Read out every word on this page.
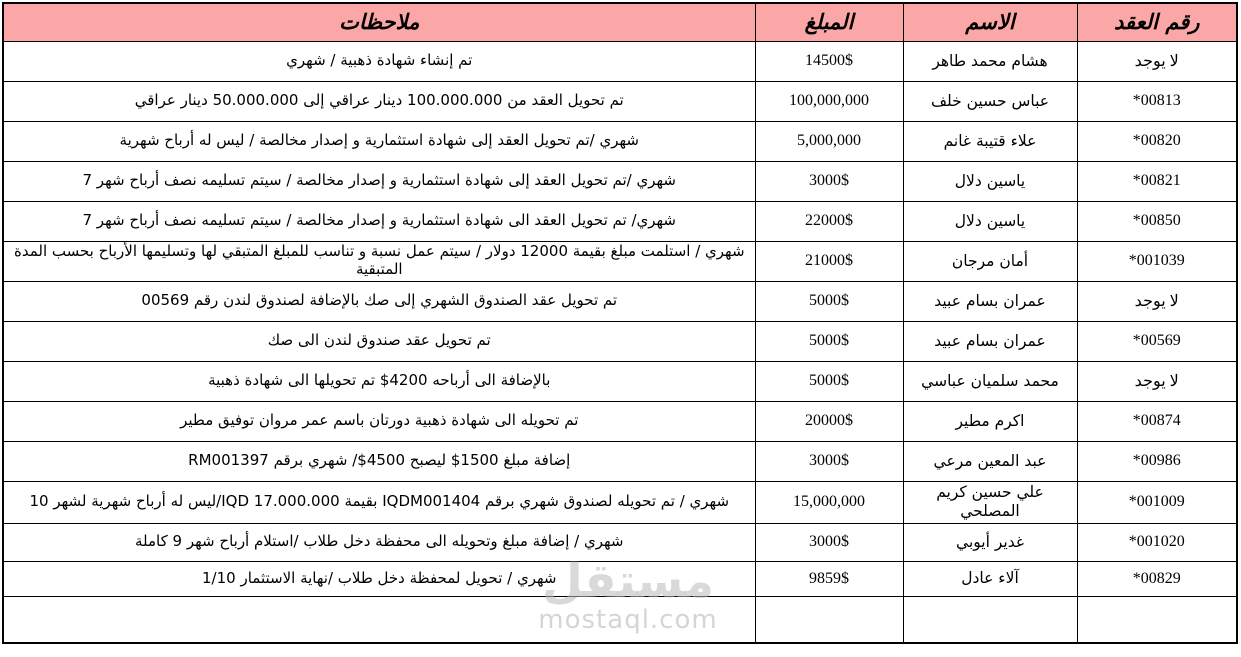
رقم العقد	الاسم	المبلغ	ملاحظات
لا يوجد	هشام محمد طاهر	14500$	تم إنشاء شهادة ذهبية / شهري
00813*	عباس حسين خلف	100,000,000	تم تحويل العقد من 100.000.000 دينار عراقي إلى 50.000.000 دينار عراقي
00820*	علاء قتيبة غانم	5,000,000	شهري /تم تحويل العقد إلى شهادة استثمارية و إصدار مخالصة / ليس له أرباح شهرية
00821*	ياسين دلال	3000$	شهري /تم تحويل العقد إلى شهادة استثمارية و إصدار مخالصة / سيتم تسليمه نصف أرباح شهر 7
00850*	ياسين دلال	22000$	شهري/ تم تحويل العقد الى شهادة استثمارية و إصدار مخالصة / سيتم تسليمه نصف أرباح شهر 7
001039*	أمان مرجان	21000$	شهري / استلمت مبلغ بقيمة 12000 دولار / سيتم عمل نسبة و تناسب للمبلغ المتبقي لها وتسليمها الأرباح بحسب المدة المتبقية
لا يوجد	عمران بسام عبيد	5000$	تم تحويل عقد الصندوق الشهري إلى صك بالإضافة لصندوق لندن رقم 00569
00569*	عمران بسام عبيد	5000$	تم تحويل عقد صندوق لندن الى صك
لا يوجد	محمد سلميان عباسي	5000$	بالإضافة الى أرباحه 4200$ تم تحويلها الى شهادة ذهبية
00874*	اكرم مطير	20000$	تم تحويله الى شهادة ذهبية دورتان باسم عمر مروان توفيق مطير
00986*	عبد المعين مرعي	3000$	إضافة مبلغ 1500$ ليصبح 4500$/ شهري برقم RM001397
001009*	علي حسين كريم المصلحي	15,000,000	شهري / تم تحويله لصندوق شهري برقم IQDM001404 بقيمة IQD 17.000.000/ليس له أرباح شهرية لشهر 10
001020*	غدير أيوبي	3000$	شهري / إضافة مبلغ وتحويله الى محفظة دخل طلاب /استلام أرباح شهر 9 كاملة
00829*	آلاء عادل	9859$	شهري / تحويل لمحفظة دخل طلاب /نهاية الاستثمار 1/10

مستقل
mostaql.com
